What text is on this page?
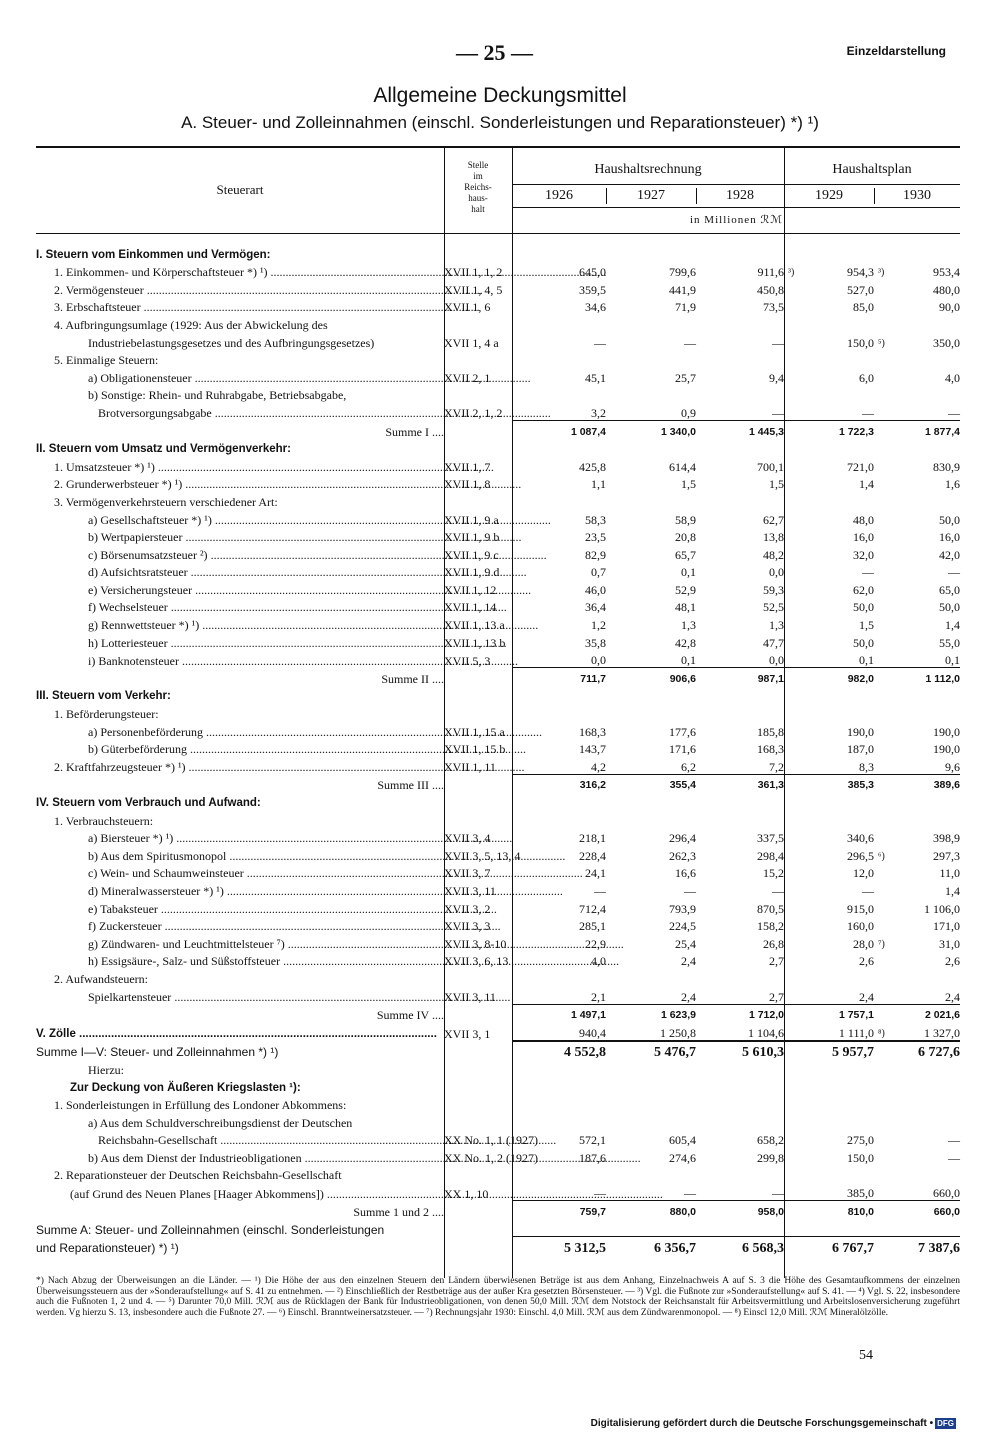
— 25 —	Einzeldarstellung
Allgemeine Deckungsmittel
A. Steuer- und Zolleinnahmen (einschl. Sonderleistungen und Reparationsteuer) *) ¹)
Steuerart
Stelle
im
Reichs-
haus-
halt
Haushaltsrechnung	Haushaltsplan
1926	1927	1928	1929	1930
in Millionen ℛℳ
I. Steuern vom Einkommen und Vermögen:						
1. Einkommen- und Körperschaftsteuer *) ¹) .....	XVII 1, 1, 2	645,0	799,6	911,6	³) 954,3	³) 953,4
2. Vermögensteuer .....	XVII 1, 4, 5	359,5	441,9	450,8	527,0	480,0
3. Erbschaftsteuer .....	XVII 1, 6	34,6	71,9	73,5	85,0	90,0
4. Aufbringungsumlage (1929: Aus der Abwickelung des						
Industriebelastungsgesetzes und des Aufbringungsgesetzes)	XVII 1, 4 a	—	—	—	150,0	⁵) 350,0
5. Einmalige Steuern:						
a) Obligationensteuer .....	XVII 2, 1	45,1	25,7	9,4	6,0	4,0
b) Sonstige: Rhein- und Ruhrabgabe, Betriebsabgabe,						
Brotversorgungsabgabe .....	XVII 2, 1, 2	3,2	0,9	—	—	—
Summe I ....		1 087,4	1 340,0	1 445,3	1 722,3	1 877,4
II. Steuern vom Umsatz und Vermögenverkehr:						
1. Umsatzsteuer *) ¹) .....	XVII 1, 7	425,8	614,4	700,1	721,0	830,9
2. Grunderwerbsteuer *) ¹) .....	XVII 1, 8	1,1	1,5	1,5	1,4	1,6
3. Vermögenverkehrsteuern verschiedener Art:						
a) Gesellschaftsteuer *) ¹) .....	XVII 1, 9 a	58,3	58,9	62,7	48,0	50,0
b) Wertpapiersteuer .....	XVII 1, 9 b	23,5	20,8	13,8	16,0	16,0
c) Börsenumsatzsteuer ²) .....	XVII 1, 9 c	82,9	65,7	48,2	32,0	42,0
d) Aufsichtsratsteuer .....	XVII 1, 9 d	0,7	0,1	0,0	—	—
e) Versicherungsteuer .....	XVII 1, 12	46,0	52,9	59,3	62,0	65,0
f) Wechselsteuer .....	XVII 1, 14	36,4	48,1	52,5	50,0	50,0
g) Rennwettsteuer *) ¹) .....	XVII 1, 13 a	1,2	1,3	1,3	1,5	1,4
h) Lotteriesteuer .....	XVII 1, 13 b	35,8	42,8	47,7	50,0	55,0
i) Banknotensteuer .....	XVII 5, 3	0,0	0,1	0,0	0,1	0,1
Summe II ....		711,7	906,6	987,1	982,0	1 112,0
III. Steuern vom Verkehr:						
1. Beförderungsteuer:						
a) Personenbeförderung .....	XVII 1, 15 a	168,3	177,6	185,8	190,0	190,0
b) Güterbeförderung .....	XVII 1, 15 b	143,7	171,6	168,3	187,0	190,0
2. Kraftfahrzeugsteuer *) ¹) .....	XVII 1, 11	4,2	6,2	7,2	8,3	9,6
Summe III ....		316,2	355,4	361,3	385,3	389,6
IV. Steuern vom Verbrauch und Aufwand:						
1. Verbrauchsteuern:						
a) Biersteuer *) ¹) .....	XVII 3, 4	218,1	296,4	337,5	340,6	398,9
b) Aus dem Spiritusmonopol .....	XVII 3, 5, 13, 4	228,4	262,3	298,4	296,5	⁶) 297,3
c) Wein- und Schaumweinsteuer .....	XVII 3, 7	24,1	16,6	15,2	12,0	11,0
d) Mineralwassersteuer *) ¹) .....	XVII 3, 11	—	—	—	—	1,4
e) Tabaksteuer .....	XVII 3, 2	712,4	793,9	870,5	915,0	1 106,0
f) Zuckersteuer .....	XVII 3, 3	285,1	224,5	158,2	160,0	171,0
g) Zündwaren- und Leuchtmittelsteuer ⁷) .....	XVII 3, 8-10	22,9	25,4	26,8	28,0	⁷) 31,0
h) Essigsäure-, Salz- und Süßstoffsteuer .....	XVII 3, 6, 13	4,0	2,4	2,7	2,6	2,6
2. Aufwandsteuern:						
Spielkartensteuer .....	XVII 3, 11	2,1	2,4	2,7	2,4	2,4
Summe IV ....		1 497,1	1 623,9	1 712,0	1 757,1	2 021,6
V. Zölle .....	XVII 3, 1	940,4	1 250,8	1 104,6	1 111,0	⁸) 1 327,0
Summe I—V: Steuer- und Zolleinnahmen *) ¹)		4 552,8	5 476,7	5 610,3	5 957,7	6 727,6
Hierzu:						
Zur Deckung von Äußeren Kriegslasten ¹):						
1. Sonderleistungen in Erfüllung des Londoner Abkommens:						
a) Aus dem Schuldverschreibungsdienst der Deutschen						
Reichsbahn-Gesellschaft .....	XX No. 1, 1 (1927)	572,1	605,4	658,2	275,0	—
b) Aus dem Dienst der Industrieobligationen .....	XX No. 1, 2 (1927)	187,6	274,6	299,8	150,0	—
2. Reparationsteuer der Deutschen Reichsbahn-Gesellschaft						
(auf Grund des Neuen Planes [Haager Abkommens]) .....	XX 1, 10	—	—	—	385,0	660,0
Summe 1 und 2 ....		759,7	880,0	958,0	810,0	660,0
Summe A: Steuer- und Zolleinnahmen (einschl. Sonderleistungen						
und Reparationsteuer) *) ¹)		5 312,5	6 356,7	6 568,3	6 767,7	7 387,6
*) Nach Abzug der Überweisungen an die Länder. — ¹) Die Höhe der aus den einzelnen Steuern den Ländern überwiesenen Beträge ist aus dem Anhang, Einzelnachweis A auf S. 3 die Höhe des Gesamtaufkommens der einzelnen Überweisungssteuern aus der »Sonderaufstellung« auf S. 41 zu entnehmen. — ²) Einschließlich der Restbeträge aus der außer Kra gesetzten Börsensteuer. — ³) Vgl. die Fußnote zur »Sonderaufstellung« auf S. 41. — ⁴) Vgl. S. 22, insbesondere auch die Fußnoten 1, 2 und 4. — ⁵) Darunter 70,0 Mill. ℛℳ aus de Rücklagen der Bank für Industrieobligationen, von denen 50,0 Mill. ℛℳ dem Notstock der Reichsanstalt für Arbeitsvermittlung und Arbeitslosenversicherung zugeführt werden. Vg hierzu S. 13, insbesondere auch die Fußnote 27. — ⁶) Einschl. Branntweinersatzsteuer. — ⁷) Rechnungsjahr 1930: Einschl. 4,0 Mill. ℛℳ aus dem Zündwarenmonopol. — ⁸) Einscl 12,0 Mill. ℛℳ Mineralölzölle.
54
Digitalisierung gefördert durch die Deutsche Forschungsgemeinschaft • DFG
